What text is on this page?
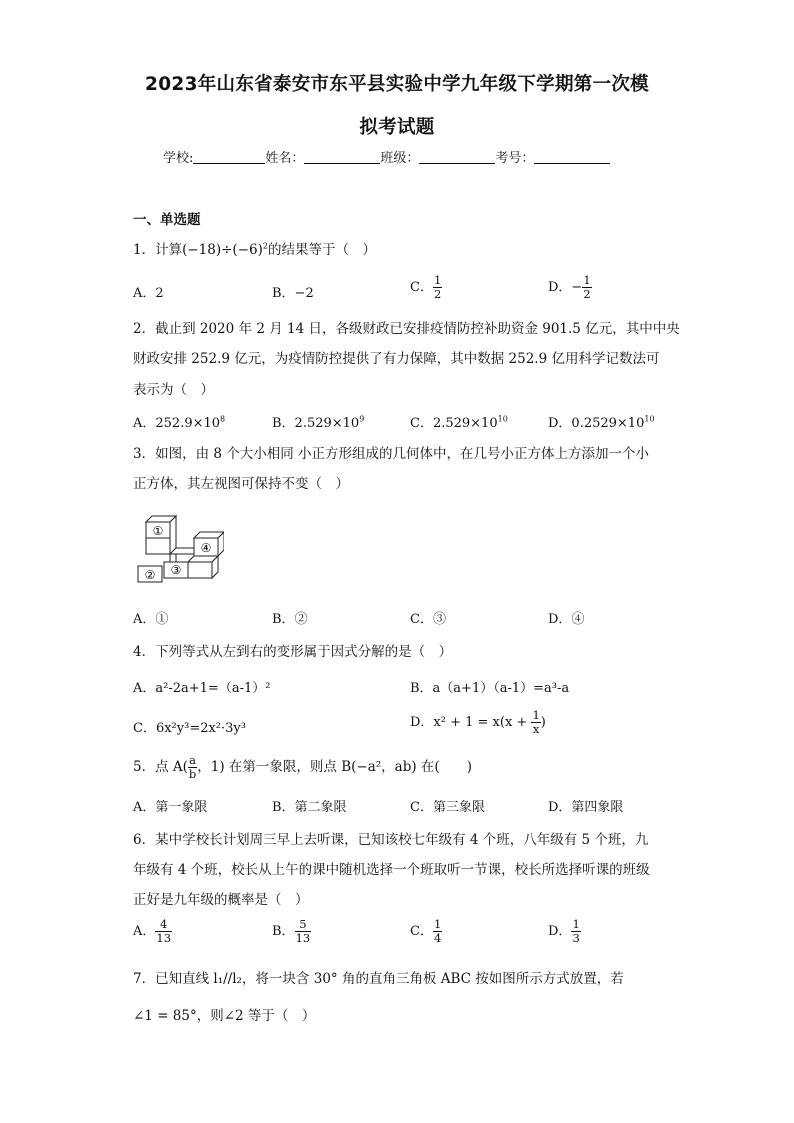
2023年山东省泰安市东平县实验中学九年级下学期第一次模
拟考试题
学校:	姓名：	班级：	考号：
一、单选题
1．计算$(-18)\div(-6)^2$的结果等于（　）
A．2	B．−2	C． $\frac{1}{2}$	D．− $\frac{1}{2}$
2．截止到 2020 年 2 月 14 日，各级财政已安排疫情防控补助资金 901.5 亿元，其中中央
财政安排 252.9 亿元，为疫情防控提供了有力保障，其中数据 252.9 亿用科学记数法可
表示为（　）
A．$252.9\times 10^8$	B．$2.529\times 10^9$	C．$2.529\times 10^{10}$	D．$0.2529\times 10^{10}$
3．如图，由 8 个大小相同 小正方形组成的几何体中，在几号小正方体上方添加一个小
正方体，其左视图可保持不变（　）
①
② ③
④
A．①	B．②	C．③	D．④
4．下列等式从左到右的变形属于因式分解的是（　）
A．a²-2a+1=（a-1）²	B．a（a+1）（a-1）=a³-a
C．6x²y³=2x²·3y³	D．$x^2 + 1 = x(x + \frac{1}{x}$ )
5．点 $A( \frac{a}{b}$ ，1) 在第一象限，则点 B(−a²，ab) 在(　　)
A．第一象限	B．第二象限	C．第三象限	D．第四象限
6．某中学校长计划周三早上去听课，已知该校七年级有 4 个班，八年级有 5 个班，九
年级有 4 个班，校长从上午的课中随机选择一个班取听一节课，校长所选择听课的班级
正好是九年级的概率是（　）
A． $\frac{4}{13}$	B． $\frac{5}{13}$	C． $\frac{1}{4}$	D． $\frac{1}{3}$
7．已知直线 l₁//l₂，将一块含 30° 角的直角三角板 ABC 按如图所示方式放置，若
∠1 = 85°，则∠2 等于（　）
